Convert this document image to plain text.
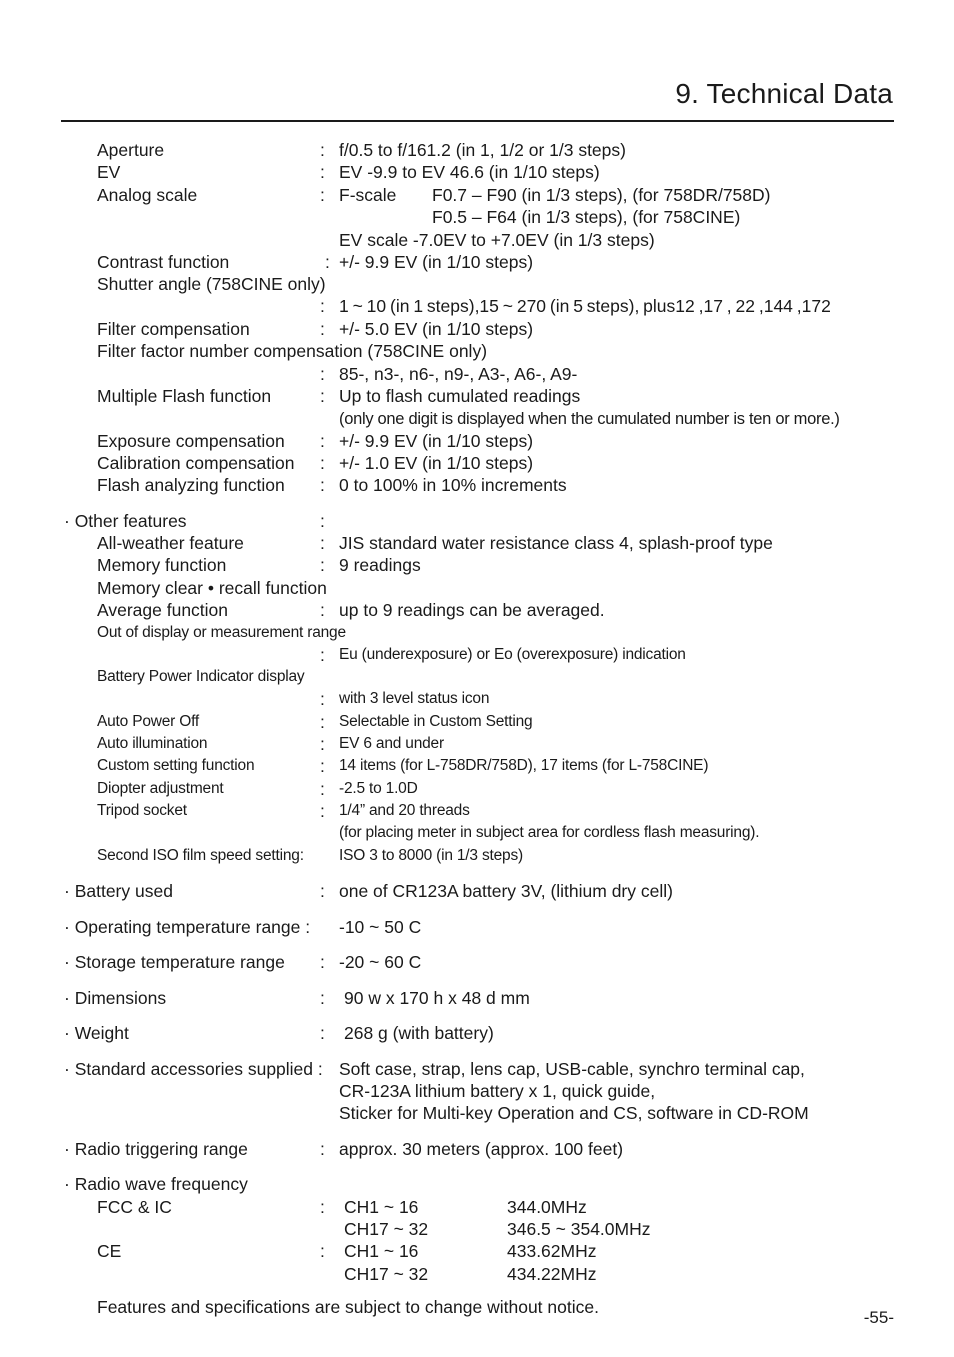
9. Technical Data
Aperture	: f/0.5 to f/161.2 (in 1, 1/2 or 1/3 steps)
EV	: EV -9.9 to EV 46.6 (in 1/10 steps)
Analog scale	: F-scale F0.7 – F90 (in 1/3 steps), (for 758DR/758D)
F0.5 – F64 (in 1/3 steps), (for 758CINE)
EV scale -7.0EV to +7.0EV (in 1/3 steps)
Contrast function	: +/- 9.9 EV (in 1/10 steps)
Shutter angle (758CINE only)
: 1 ~ 10 (in 1 steps),15 ~ 270 (in 5 steps), plus12 ,17 , 22 ,144 ,172
Filter compensation	: +/- 5.0 EV (in 1/10 steps)
Filter factor number compensation (758CINE only)
: 85-, n3-, n6-, n9-, A3-, A6-, A9-
Multiple Flash function	: Up to flash cumulated readings
(only one digit is displayed when the cumulated number is ten or more.)
Exposure compensation : +/- 9.9 EV (in 1/10 steps)
Calibration compensation : +/- 1.0 EV (in 1/10 steps)
Flash analyzing function : 0 to 100% in 10% increments
· Other features	:
All-weather feature	: JIS standard water resistance class 4, splash-proof type
Memory function	: 9 readings
Memory clear • recall function
Average function	: up to 9 readings can be averaged.
Out of display or measurement range
: Eu (underexposure) or Eo (overexposure) indication
Battery Power Indicator display
: with 3 level status icon
Auto Power Off	: Selectable in Custom Setting
Auto illumination	: EV 6 and under
Custom setting function	: 14 items (for L-758DR/758D), 17 items (for L-758CINE)
Diopter adjustment	: -2.5 to 1.0D
Tripod socket	: 1/4” and 20 threads
(for placing meter in subject area for cordless flash measuring).
Second ISO film speed setting: ISO 3 to 8000 (in 1/3 steps)
· Battery used	: one of CR123A battery 3V, (lithium dry cell)
· Operating temperature range : -10 ~ 50 C
· Storage temperature range : -20 ~ 60 C
· Dimensions	: 90 w x 170 h x 48 d mm
· Weight	: 268 g (with battery)
· Standard accessories supplied : Soft case, strap, lens cap, USB-cable, synchro terminal cap,
CR-123A lithium battery x 1, quick guide,
Sticker for Multi-key Operation and CS, software in CD-ROM
· Radio triggering range	: approx. 30 meters (approx. 100 feet)
· Radio wave frequency
FCC & IC	: CH1 ~ 16	344.0MHz
CH17 ~ 32	346.5 ~ 354.0MHz
CE	: CH1 ~ 16	433.62MHz
CH17 ~ 32	434.22MHz
Features and specifications are subject to change without notice.
-55-
